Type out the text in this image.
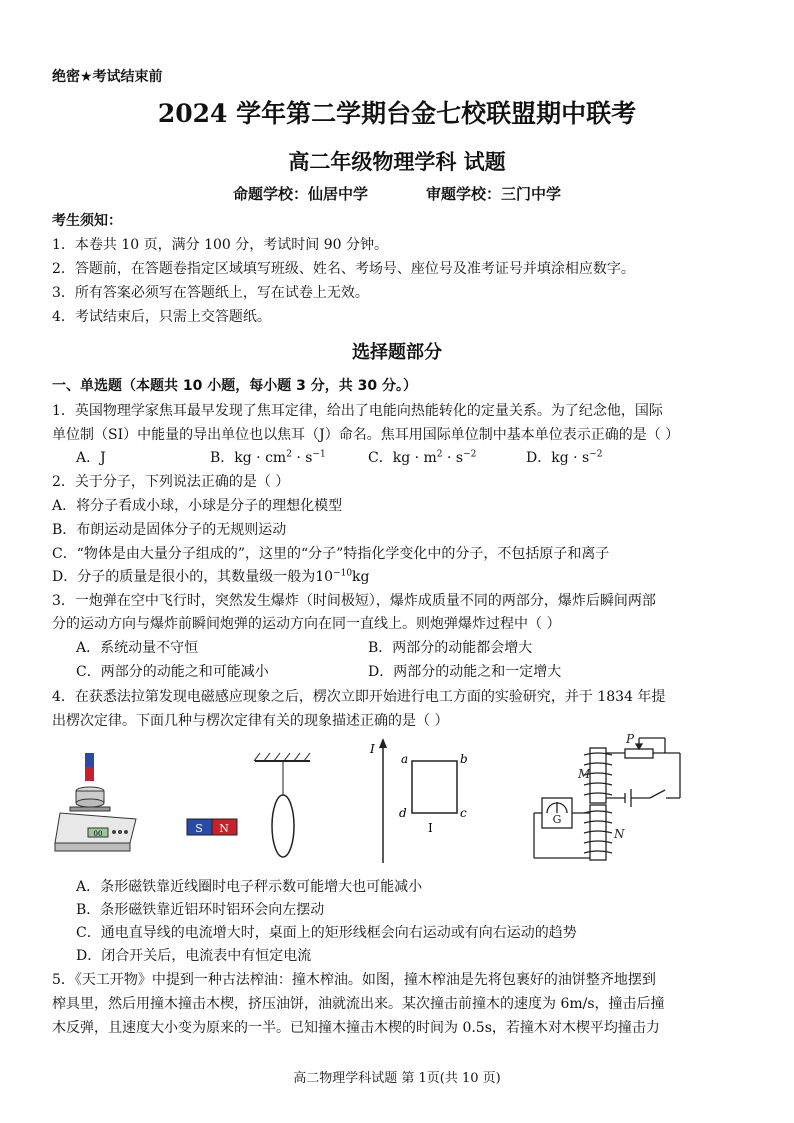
绝密★考试结束前
2024 学年第二学期台金七校联盟期中联考
高二年级物理学科 试题
命题学校：仙居中学	审题学校：三门中学
考生须知：
1．本卷共 10 页，满分 100 分，考试时间 90 分钟。
2．答题前，在答题卷指定区域填写班级、姓名、考场号、座位号及准考证号并填涂相应数字。
3．所有答案必须写在答题纸上，写在试卷上无效。
4．考试结束后，只需上交答题纸。
选择题部分
一、单选题（本题共 10 小题，每小题 3 分，共 30 分。）
1．英国物理学家焦耳最早发现了焦耳定律，给出了电能向热能转化的定量关系。为了纪念他，国际
单位制（SI）中能量的导出单位也以焦耳（J）命名。焦耳用国际单位制中基本单位表示正确的是（ ）
A．J	B．kg · $cm^2 \cdot s^{-1}$	C．kg · $m^2 \cdot s^{-2}$	D．kg · $s^{-2}$
2．关于分子，下列说法正确的是（ ）
A．将分子看成小球，小球是分子的理想化模型
B．布朗运动是固体分子的无规则运动
C．“物体是由大量分子组成的”，这里的“分子”特指化学变化中的分子，不包括原子和离子
D．分子的质量是很小的，其数量级一般为$10^{-10}kg$
3．一炮弹在空中飞行时，突然发生爆炸（时间极短），爆炸成质量不同的两部分，爆炸后瞬间两部
分的运动方向与爆炸前瞬间炮弹的运动方向在同一直线上。则炮弹爆炸过程中（ ）
A．系统动量不守恒	B．两部分的动能都会增大
C．两部分的动能之和可能减小	D．两部分的动能之和一定增大
4．在获悉法拉第发现电磁感应现象之后，楞次立即开始进行电工方面的实验研究，并于 1834 年提
出楞次定律。下面几种与楞次定律有关的现象描述正确的是（ ）
00	S N
I
a	b
c
d
I
G
M
N
P
A．条形磁铁靠近线圈时电子秤示数可能增大也可能减小
B．条形磁铁靠近铝环时铝环会向左摆动
C．通电直导线的电流增大时，桌面上的矩形线框会向右运动或有向右运动的趋势
D．闭合开关后，电流表中有恒定电流
5．《天工开物》中提到一种古法榨油：撞木榨油。如图，撞木榨油是先将包裹好的油饼整齐地摆到
榨具里，然后用撞木撞击木楔，挤压油饼，油就流出来。某次撞击前撞木的速度为 6m/s，撞击后撞
木反弹，且速度大小变为原来的一半。已知撞木撞击木楔的时间为 0.5s，若撞木对木楔平均撞击力
高二物理学科试题 第 1页(共 10 页)
